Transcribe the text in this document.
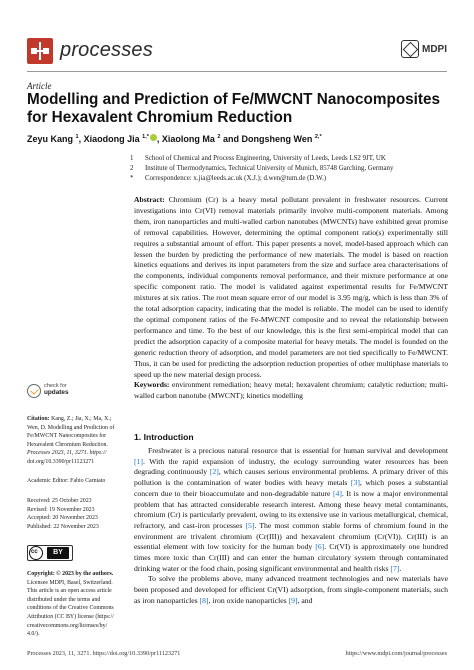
processes	MDPI
Article
Modelling and Prediction of Fe/MWCNT Nanocomposites for Hexavalent Chromium Reduction
Zeyu Kang $^1$, Xiaodong Jia $^{1,*}$ , Xiaolong Ma $^2$ and Dongsheng Wen $^{2,*}$
1 School of Chemical and Process Engineering, University of Leeds, Leeds LS2 9JT, UK
2 Institute of Thermodynamics, Technical University of Munich, 85748 Garching, Germany
* Correspondence: x.jia@leeds.ac.uk (X.J.); d.wen@tum.de (D.W.)
Abstract: Chromium (Cr) is a heavy metal pollutant prevalent in freshwater resources. Current investigations into Cr(VI) removal materials primarily involve multi-component materials. Among them, iron nanoparticles and multi-walled carbon nanotubes (MWCNTs) have exhibited great promise of removal capabilities. However, determining the optimal component ratio(s) experimentally still requires a substantial amount of effort. This paper presents a novel, model-based approach which can lessen the burden by predicting the performance of new materials. The model is based on reaction kinetics equations and derives its input parameters from the size and surface area characterisations of the components, individual components removal performance, and their mixture performance at one specific component ratio. The model is validated against experimental results for Fe/MWCNT mixtures at six ratios. The root mean square error of our model is 3.95 mg/g, which is less than 3% of the total adsorption capacity, indicating that the model is reliable. The model can be used to identify the optimal component ratios of the Fe-MWCNT composite and to reveal the relationship between performance and time. To the best of our knowledge, this is the first semi-empirical model that can predict the adsorption capacity of a composite material for heavy metals. The model is founded on the generic reduction theory of adsorption, and model parameters are not tied specifically to Fe/MWCNT. Thus, it can be used for predicting the adsorption reduction properties of other multiphase materials to speed up the new material design process.
Keywords: environment remediation; heavy metal; hexavalent chromium; catalytic reduction; multi-walled carbon nanotube (MWCNT); kinetics modelling
check for
updates
Citation: Kang, Z.; Jia, X.; Ma, X.;
Wen, D. Modelling and Prediction of
Fe/MWCNT Nanocomposites for
Hexavalent Chromium Reduction.
Processes 2023, 11, 3271. https://
doi.org/10.3390/pr11123271
Academic Editor: Fabio Carniato
Received: 25 October 2023
Revised: 19 November 2023
Accepted: 20 November 2023
Published: 22 November 2023
cc	BY
Copyright: © 2023 by the authors.
Licensee MDPI, Basel, Switzerland.
This article is an open access article
distributed under the terms and
conditions of the Creative Commons
Attribution (CC BY) license (https://
creativecommons.org/licenses/by/
4.0/).
1. Introduction

Freshwater is a precious natural resource that is essential for human survival and development [1]. With the rapid expansion of industry, the ecology surrounding water resources has been degrading continuously [2], which causes serious environmental problems. A primary driver of this pollution is the contamination of water bodies with heavy metals [3], which poses a substantial concern due to their bioaccumulate and non-degradable nature [4]. It is now a major environmental problem that has attracted considerable research interest. Among these heavy metal contaminants, chromium (Cr) is particularly prevalent, owing to its extensive use in various metallurgical, chemical, refractory, and cast-iron processes [5]. The most common stable forms of chromium found in the environment are trivalent chromium (Cr(III)) and hexavalent chromium (Cr(VI)). Cr(III) is an essential element with low toxicity for the human body [6]. Cr(VI) is approximately one hundred times more toxic than Cr(III) and can enter the human circulatory system through contaminated drinking water or the food chain, posing significant environmental and health risks [7].

To solve the problems above, many advanced treatment technologies and new materials have been proposed and developed for efficient Cr(VI) adsorption, from single-component materials, such as iron nanoparticles [8], iron oxide nanoparticles [9], and

Processes 2023, 11, 3271. https://doi.org/10.3390/pr11123271	https://www.mdpi.com/journal/processes
